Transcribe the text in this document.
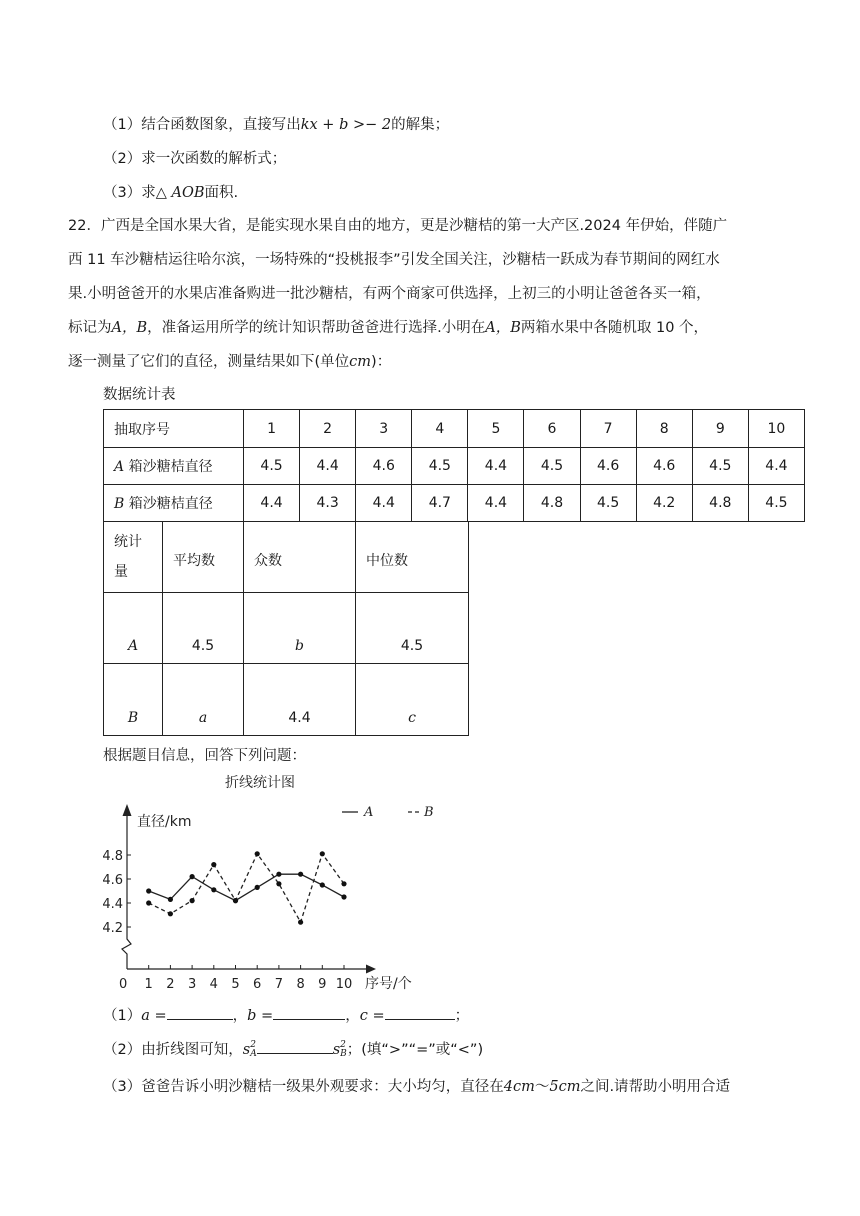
（1）结合函数图象，直接写出kx + b >− 2的解集；
（2）求一次函数的解析式；
（3）求△ AOB面积.
22．广西是全国水果大省，是能实现水果自由的地方，更是沙糖桔的第一大产区.2024 年伊始，伴随广
西 11 车沙糖桔运往哈尔滨，一场特殊的“投桃报李”引发全国关注，沙糖桔一跃成为春节期间的网红水
果.小明爸爸开的水果店准备购进一批沙糖桔，有两个商家可供选择，上初三的小明让爸爸各买一箱，
标记为A，B，准备运用所学的统计知识帮助爸爸进行选择.小明在A，B两箱水果中各随机取 10 个，
逐一测量了它们的直径，测量结果如下(单位cm)：
数据统计表
抽取序号	1	2	3	4	5	6	7	8	9	10
A 箱沙糖桔直径	4.5	4.4	4.6	4.5	4.4	4.5	4.6	4.6	4.5	4.4
B 箱沙糖桔直径	4.4	4.3	4.4	4.7	4.4	4.8	4.5	4.2	4.8	4.5
统计
量	平均数	众数	中位数
A	4.5	b	4.5
B	a	4.4	c
根据题目信息，回答下列问题：
折线统计图
直径/km
序号/个
4.2
4.4
4.6
4.8
0 1 2 3 4 5 6 7 8 9 10
A	B
（1）a =	，b =	，c =	；
（2）由折线图可知，s 2
A	s 2
B ；(填“>”“=”或“<”)
（3）爸爸告诉小明沙糖桔一级果外观要求：大小均匀，直径在4cm～5cm之间.请帮助小明用合适
